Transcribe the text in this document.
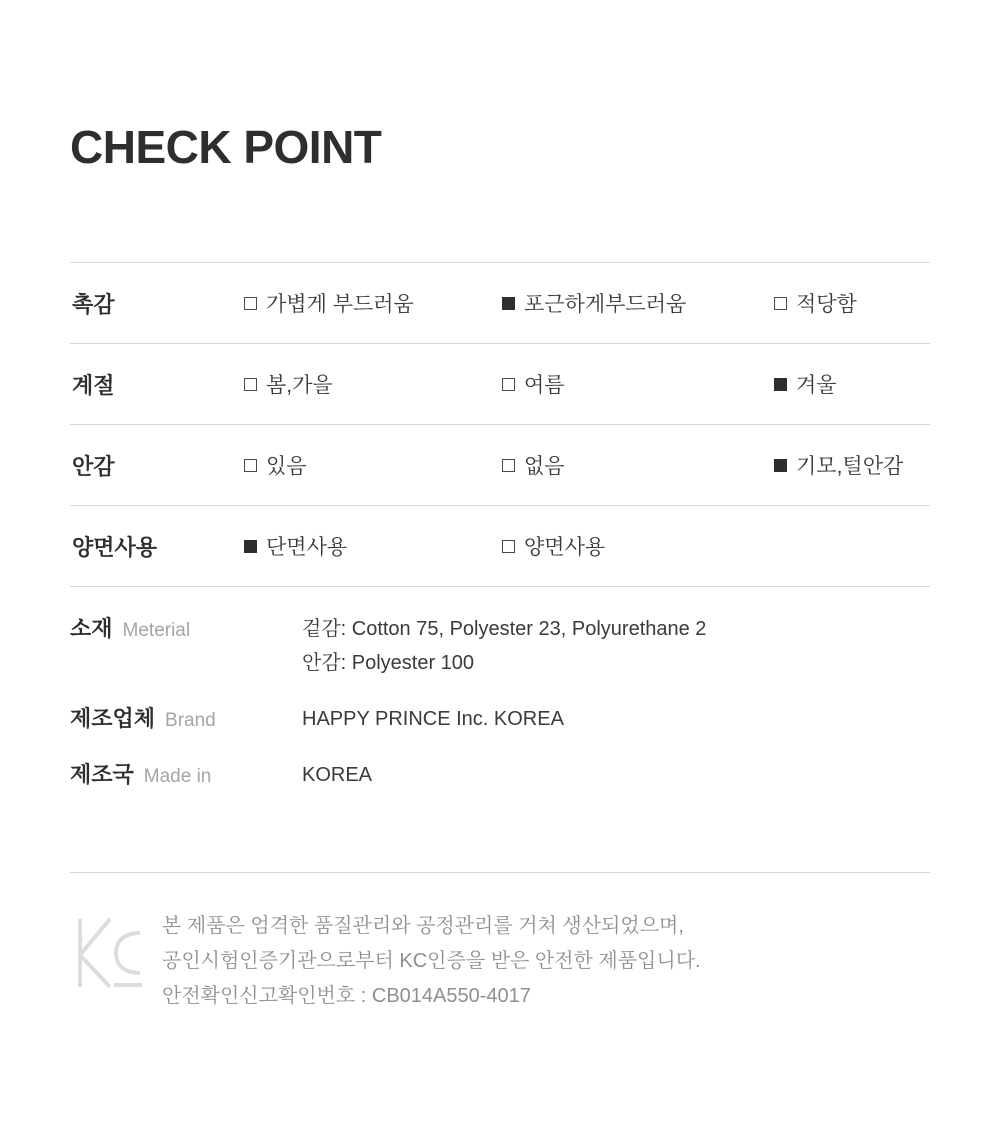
CHECK POINT
촉감	가볍게 부드러움	포근하게부드러움	적당함
계절	봄,가을	여름	겨울
안감	있음	없음	기모,털안감
양면사용	단면사용	양면사용	
소재 Meterial	겉감: Cotton 75, Polyester 23, Polyurethane 2
안감: Polyester 100
제조업체 Brand	HAPPY PRINCE Inc. KOREA
제조국 Made in	KOREA
본 제품은 엄격한 품질관리와 공정관리를 거쳐 생산되었으며,
공인시험인증기관으로부터 KC인증을 받은 안전한 제품입니다.
안전확인신고확인번호 : CB014A550-4017
